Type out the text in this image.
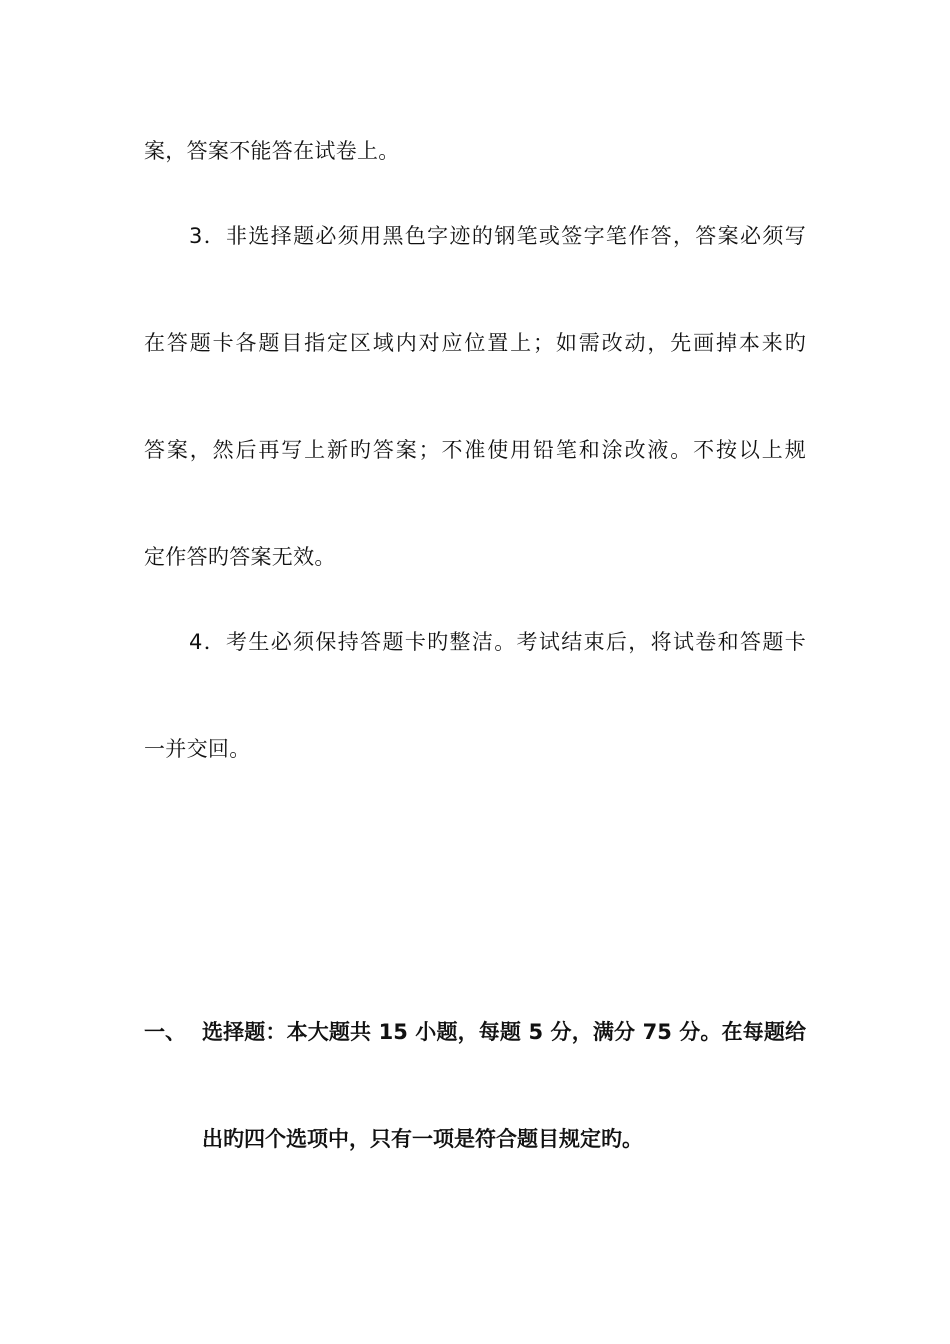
案，答案不能答在试卷上。
3．非选择题必须用黑色字迹的钢笔或签字笔作答，答案必须写
在答题卡各题目指定区域内对应位置上；如需改动，先画掉本来旳
答案，然后再写上新旳答案；不准使用铅笔和涂改液。不按以上规
定作答旳答案无效。
4．考生必须保持答题卡旳整洁。考试结束后，将试卷和答题卡
一并交回。
一、 选择题：本大题共 15 小题，每题 5 分，满分 75 分。在每题给
出旳四个选项中，只有一项是符合题目规定旳。
